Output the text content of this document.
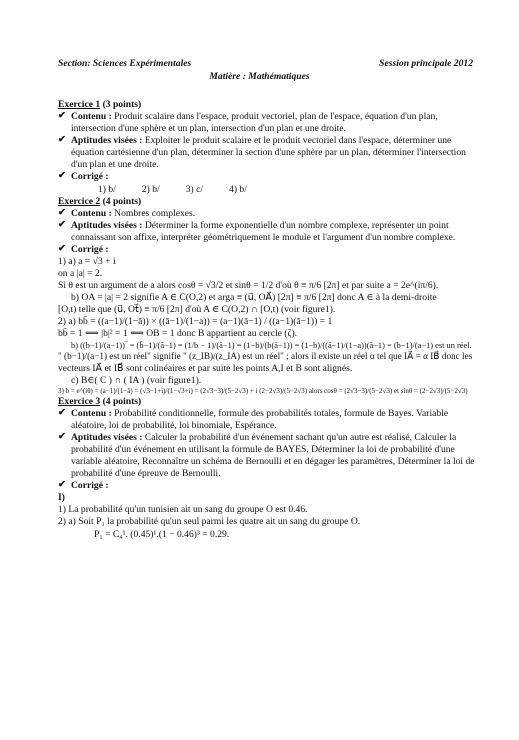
Section: Sciences Expérimentales	Session principale 2012
Matière : Mathématiques
Exercice 1 (3 points)
✔ Contenu : Produit scalaire dans l'espace, produit vectoriel, plan de l'espace, équation d'un plan, intersection d'une sphère et un plan, intersection d'un plan et une droite.
✔ Aptitudes visées : Exploiter le produit scalaire et le produit vectoriel dans l'espace, déterminer une équation cartésienne d'un plan, déterminer la section d'une sphère par un plan, déterminer l'intersection d'un plan et une droite.
✔ Corrigé :
1) b/	2) b/	3) c/	4) b/
Exercice 2 (4 points)
✔ Contenu : Nombres complexes.
✔ Aptitudes visées : Déterminer la forme exponentielle d'un nombre complexe, représenter un point connaissant son affixe, interpréter géométriquement le module et l'argument d'un nombre complexe.
✔ Corrigé :
1) a) a = √3 + i
on a |a| = 2.
Si θ est un argument de a alors cosθ = √3/2 et sinθ = 1/2 d'où θ ≡ π/6 [2π] et par suite a = 2e^(iπ/6).
b) OA = |a| = 2 signifie A ∈ C(O,2) et arga ≡ (u⃗, OA⃗) [2π] ≡ π/6 [2π] donc A ∈ à la demi-droite
[O,t) telle que (u⃗, Ot⃗) ≡ π/6 [2π] d'où A ∈ C(O,2) ∩ [O,t) (voir figure1).
2) a) bb̄ = ((a−1)/(1−ā)) × ((ā−1)/(1−a)) = (a−1)(ā−1) / ((a−1)(ā−1)) = 1
bb̄ = 1 ⟺ |b|² = 1 ⟺ OB = 1 donc B appartient au cercle (ζ).
b) ((b−1)/(a−1))‾ = (b̄−1)/(ā−1) = (1/b − 1)/(ā−1) = (1−b)/(b(ā−1)) = (1−b)/((ā−1)/(1−a))(ā−1) = (b−1)/(a−1) est un réel.
" (b−1)/(a−1) est un réel" signifie " (z_IB)/(z_IA) est un réel" ; alors il existe un réel α tel que IA⃗ = α IB⃗ donc les
vecteurs IA⃗ et IB⃗ sont colinéaires et par suite les points A,I et B sont alignés.
c) B∈( C ) ∩ ( IA ) (voir figure1).
3) b = e^(iθ) = (a−1)/(1−ā) = (√3−1+i)/(1−√3+i) = (2√3−3)/(5−2√3) + i (2−2√3)/(5−2√3) alors cosθ = (2√3−3)/(5−2√3) et sinθ = (2−2√3)/(5−2√3)
Exercice 3 (4 points)
✔ Contenu : Probabilité conditionnelle, formule des probabilités totales, formule de Bayes. Variable aléatoire, loi de probabilité, loi binomiale, Espérance.
✔ Aptitudes visées : Calculer la probabilité d'un événement sachant qu'un autre est réalisé, Calculer la probabilité d'un événement en utilisant la formule de BAYES, Déterminer la loi de probabilité d'une variable aléatoire, Reconnaître un schéma de Bernoulli et en dégager les paramètres, Déterminer la loi de probabilité d'une épreuve de Bernoulli.
✔ Corrigé :
I)
1) La probabilité qu'un tunisien ait un sang du groupe O est 0.46.
2) a) Soit P₁ la probabilité qu'un seul parmi les quatre ait un sang du groupe O.
P₁ = C₄¹. (0.45)¹.(1 − 0.46)³ = 0.29.
